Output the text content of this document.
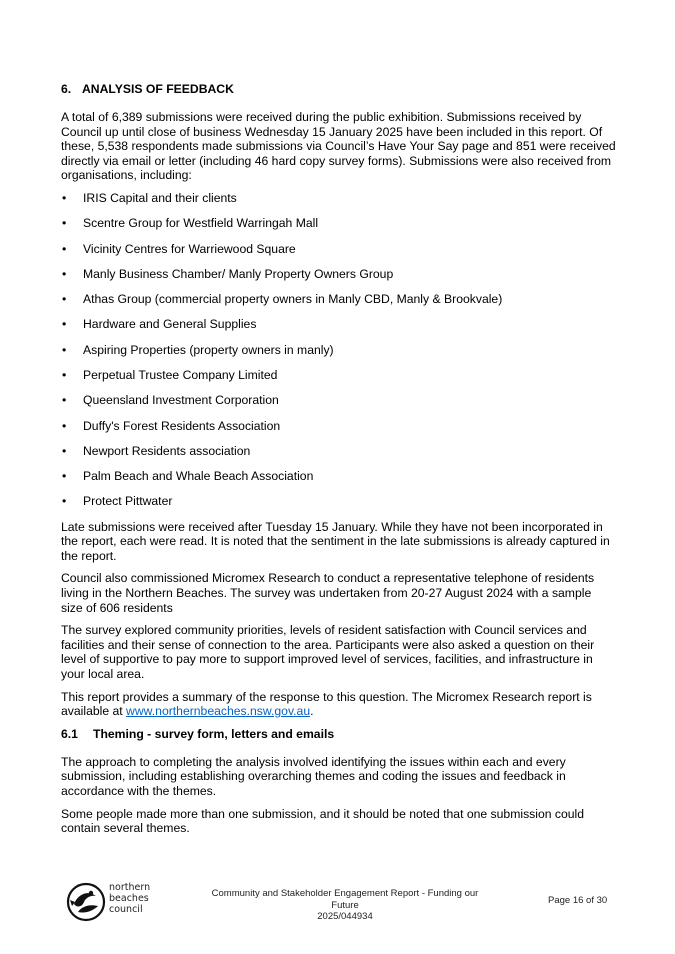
6. ANALYSIS OF FEEDBACK

A total of 6,389 submissions were received during the public exhibition. Submissions received by Council up until close of business Wednesday 15 January 2025 have been included in this report. Of these, 5,538 respondents made submissions via Council’s Have Your Say page and 851 were received directly via email or letter (including 46 hard copy survey forms). Submissions were also received from organisations, including:

• IRIS Capital and their clients
• Scentre Group for Westfield Warringah Mall
• Vicinity Centres for Warriewood Square
• Manly Business Chamber/ Manly Property Owners Group
• Athas Group (commercial property owners in Manly CBD, Manly & Brookvale)
• Hardware and General Supplies
• Aspiring Properties (property owners in manly)
• Perpetual Trustee Company Limited
• Queensland Investment Corporation
• Duffy's Forest Residents Association
• Newport Residents association
• Palm Beach and Whale Beach Association
• Protect Pittwater

Late submissions were received after Tuesday 15 January. While they have not been incorporated in the report, each were read. It is noted that the sentiment in the late submissions is already captured in the report.

Council also commissioned Micromex Research to conduct a representative telephone of residents living in the Northern Beaches. The survey was undertaken from 20-27 August 2024 with a sample size of 606 residents

The survey explored community priorities, levels of resident satisfaction with Council services and facilities and their sense of connection to the area. Participants were also asked a question on their level of supportive to pay more to support improved level of services, facilities, and infrastructure in your local area.

This report provides a summary of the response to this question. The Micromex Research report is available at www.northernbeaches.nsw.gov.au.

6.1 Theming - survey form, letters and emails

The approach to completing the analysis involved identifying the issues within each and every submission, including establishing overarching themes and coding the issues and feedback in accordance with the themes.

Some people made more than one submission, and it should be noted that one submission could contain several themes.

northern
beaches
council
Community and Stakeholder Engagement Report - Funding our Future
2025/044934
Page 16 of 30
